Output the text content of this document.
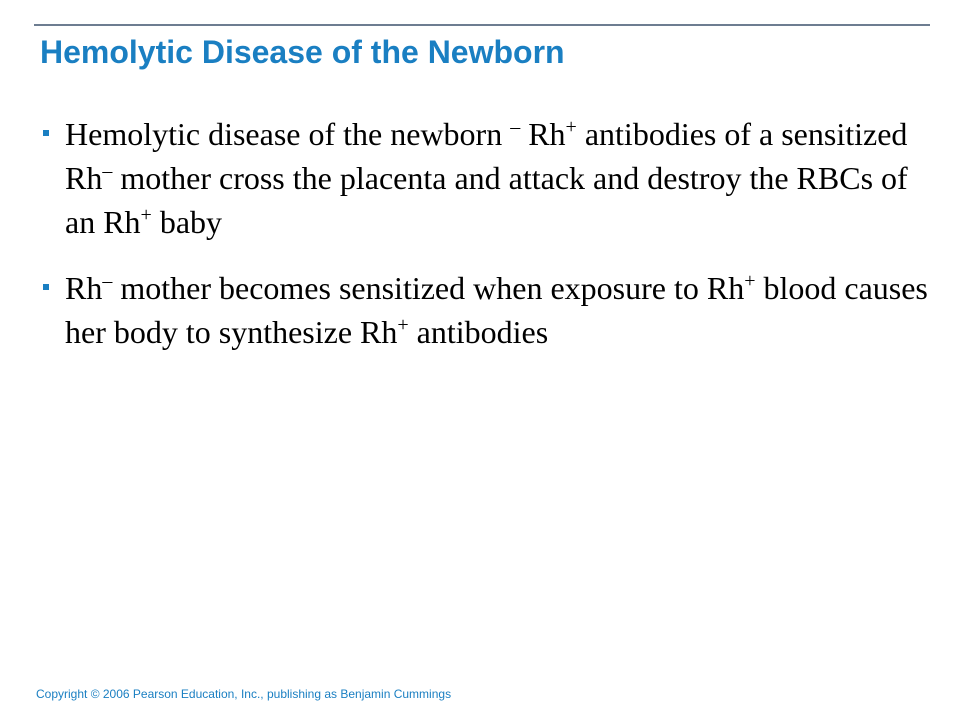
Hemolytic Disease of the Newborn
Hemolytic disease of the newborn – Rh+ antibodies of a sensitized Rh– mother cross the placenta and attack and destroy the RBCs of an Rh+ baby
Rh– mother becomes sensitized when exposure to Rh+ blood causes her body to synthesize Rh+ antibodies
Copyright © 2006 Pearson Education, Inc., publishing as Benjamin Cummings
